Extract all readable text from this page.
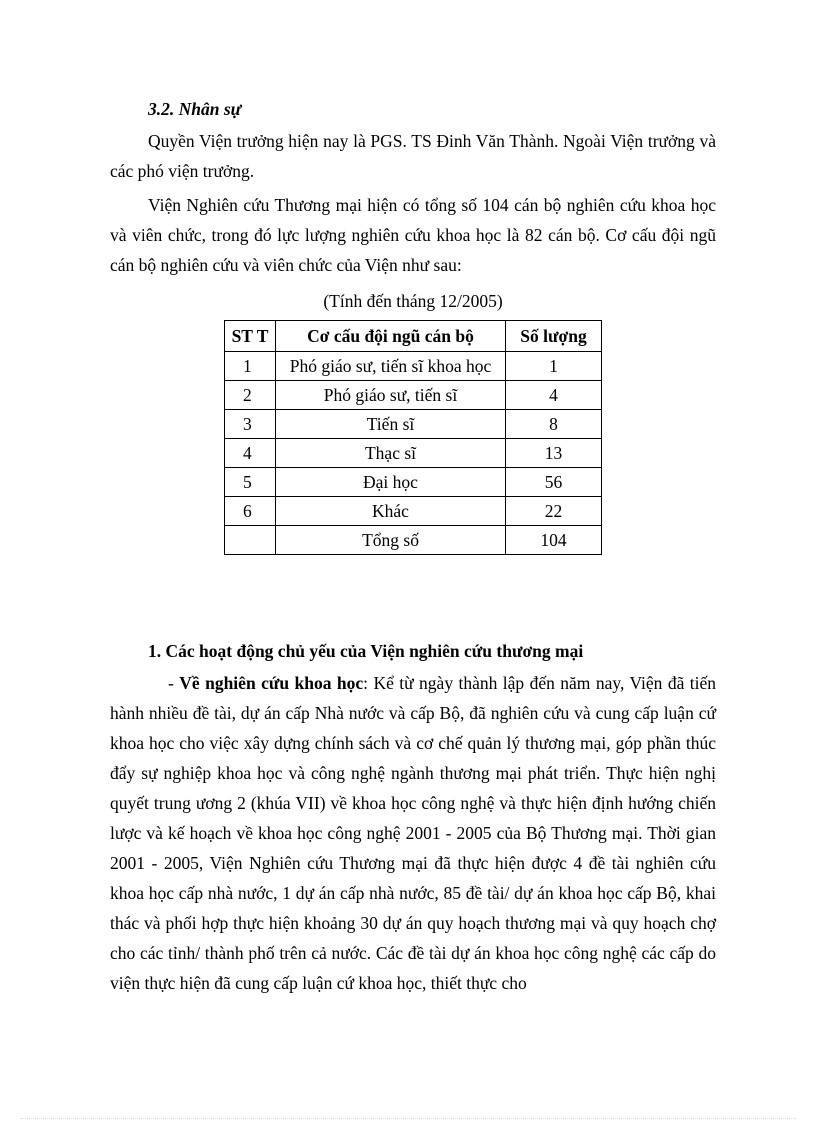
3.2. Nhân sự

Quyền Viện trưởng hiện nay là PGS. TS Đinh Văn Thành. Ngoài Viện trưởng và các phó viện trưởng.

Viện Nghiên cứu Thương mại hiện có tổng số 104 cán bộ nghiên cứu khoa học và viên chức, trong đó lực lượng nghiên cứu khoa học là 82 cán bộ. Cơ cấu đội ngũ cán bộ nghiên cứu và viên chức của Viện như sau:

(Tính đến tháng 12/2005)
ST T	Cơ cấu đội ngũ cán bộ	Số lượng
1	Phó giáo sư, tiến sĩ khoa học	1
2	Phó giáo sư, tiến sĩ	4
3	Tiến sĩ	8
4	Thạc sĩ	13
5	Đại học	56
6	Khác	22
	Tổng số	104

1. Các hoạt động chủ yếu của Viện nghiên cứu thương mại

- Về nghiên cứu khoa học: Kể từ ngày thành lập đến năm nay, Viện đã tiến hành nhiều đề tài, dự án cấp Nhà nước và cấp Bộ, đã nghiên cứu và cung cấp luận cứ khoa học cho việc xây dựng chính sách và cơ chế quản lý thương mại, góp phần thúc đẩy sự nghiệp khoa học và công nghệ ngành thương mại phát triển. Thực hiện nghị quyết trung ương 2 (khúa VII) về khoa học công nghệ và thực hiện định hướng chiến lược và kế hoạch về khoa học công nghệ 2001 - 2005 của Bộ Thương mại. Thời gian 2001 - 2005, Viện Nghiên cứu Thương mại đã thực hiện được 4 đề tài nghiên cứu khoa học cấp nhà nước, 1 dự án cấp nhà nước, 85 đề tài/ dự án khoa học cấp Bộ, khai thác và phối hợp thực hiện khoảng 30 dự án quy hoạch thương mại và quy hoạch chợ cho các tỉnh/ thành phố trên cả nước. Các đề tài dự án khoa học công nghệ các cấp do viện thực hiện đã cung cấp luận cứ khoa học, thiết thực cho
